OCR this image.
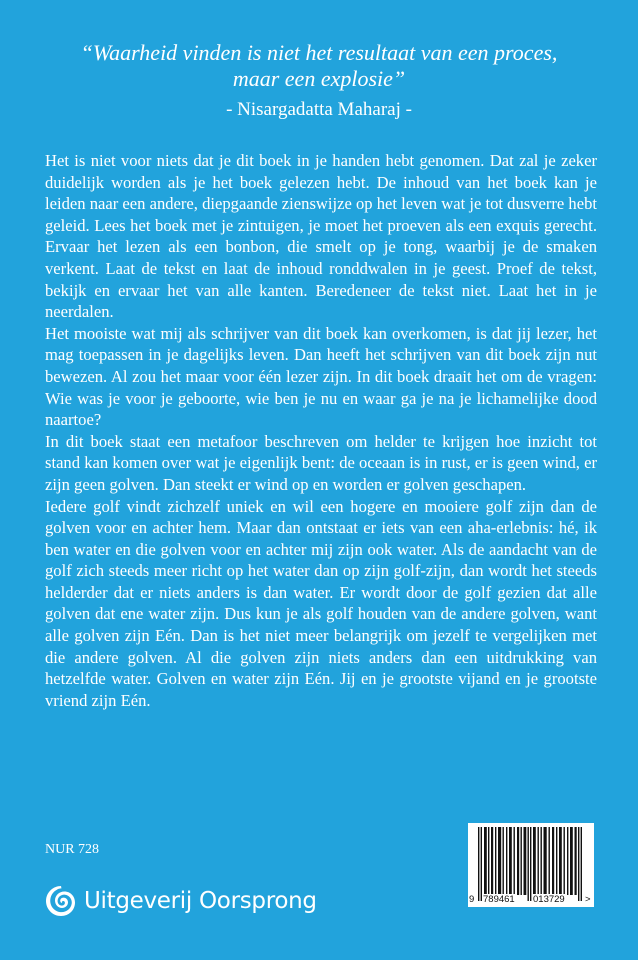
“Waarheid vinden is niet het resultaat van een proces,
maar een explosie”
- Nisargadatta Maharaj -

Het is niet voor niets dat je dit boek in je handen hebt genomen. Dat zal je zeker duidelijk worden als je het boek gelezen hebt. De inhoud van het boek kan je leiden naar een andere, diepgaande zienswijze op het leven wat je tot dusverre hebt geleid. Lees het boek met je zintuigen, je moet het proeven als een exquis gerecht. Ervaar het lezen als een bonbon, die smelt op je tong, waarbij je de smaken verkent. Laat de tekst en laat de inhoud ronddwalen in je geest. Proef de tekst, bekijk en ervaar het van alle kanten. Beredeneer de tekst niet. Laat het in je neerdalen.

Het mooiste wat mij als schrijver van dit boek kan overkomen, is dat jij lezer, het mag toepassen in je dagelijks leven. Dan heeft het schrijven van dit boek zijn nut bewezen. Al zou het maar voor één lezer zijn. In dit boek draait het om de vragen: Wie was je voor je geboorte, wie ben je nu en waar ga je na je lichamelijke dood naartoe?

In dit boek staat een metafoor beschreven om helder te krijgen hoe inzicht tot stand kan komen over wat je eigenlijk bent: de oceaan is in rust, er is geen wind, er zijn geen golven. Dan steekt er wind op en worden er golven geschapen.

Iedere golf vindt zichzelf uniek en wil een hogere en mooiere golf zijn dan de golven voor en achter hem. Maar dan ontstaat er iets van een aha-erlebnis: hé, ik ben water en die golven voor en achter mij zijn ook water. Als de aandacht van de golf zich steeds meer richt op het water dan op zijn golf-zijn, dan wordt het steeds helderder dat er niets anders is dan water. Er wordt door de golf gezien dat alle golven dat ene water zijn. Dus kun je als golf houden van de andere golven, want alle golven zijn Eén. Dan is het niet meer belangrijk om jezelf te vergelijken met die andere golven. Al die golven zijn niets anders dan een uitdrukking van hetzelfde water. Golven en water zijn Eén. Jij en je grootste vijand en je grootste vriend zijn Eén.

NUR 728
Uitgeverij Oorsprong	9 789461 013729 >
